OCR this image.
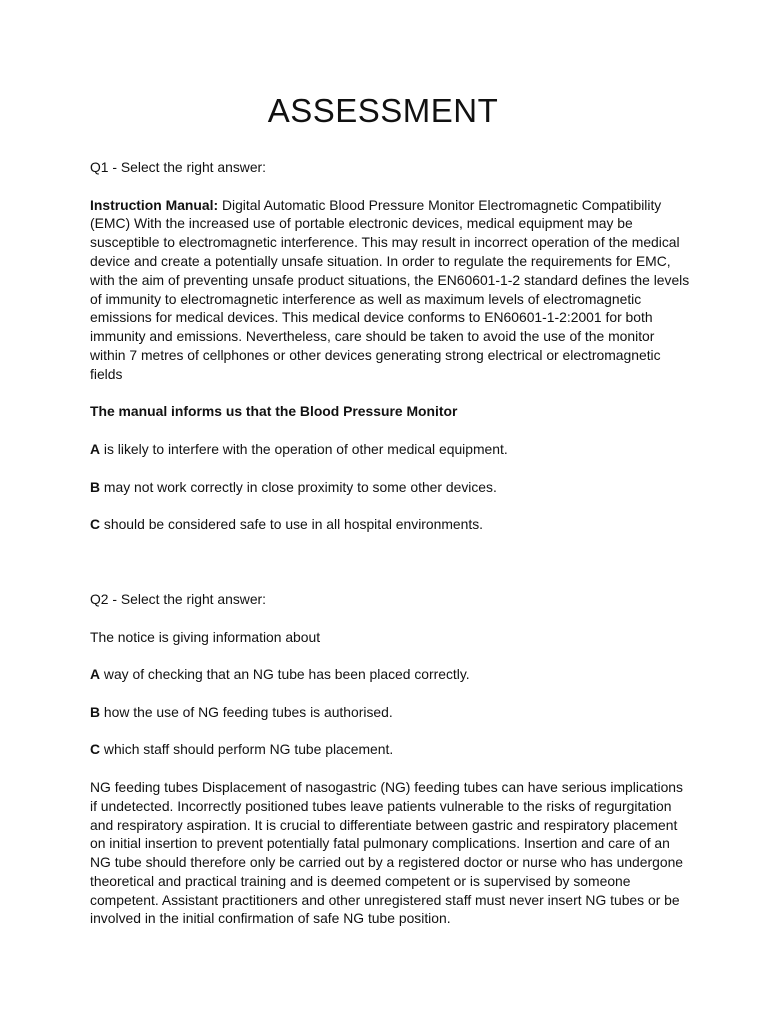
ASSESSMENT

Q1 - Select the right answer:

Instruction Manual: Digital Automatic Blood Pressure Monitor Electromagnetic Compatibility (EMC) With the increased use of portable electronic devices, medical equipment may be susceptible to electromagnetic interference. This may result in incorrect operation of the medical device and create a potentially unsafe situation. In order to regulate the requirements for EMC, with the aim of preventing unsafe product situations, the EN60601-1-2 standard defines the levels of immunity to electromagnetic interference as well as maximum levels of electromagnetic emissions for medical devices. This medical device conforms to EN60601-1-2:2001 for both immunity and emissions. Nevertheless, care should be taken to avoid the use of the monitor within 7 metres of cellphones or other devices generating strong electrical or electromagnetic fields

The manual informs us that the Blood Pressure Monitor

A is likely to interfere with the operation of other medical equipment.

B may not work correctly in close proximity to some other devices.

C should be considered safe to use in all hospital environments.

Q2 - Select the right answer:

The notice is giving information about

A way of checking that an NG tube has been placed correctly.

B how the use of NG feeding tubes is authorised.

C which staff should perform NG tube placement.

NG feeding tubes Displacement of nasogastric (NG) feeding tubes can have serious implications if undetected. Incorrectly positioned tubes leave patients vulnerable to the risks of regurgitation and respiratory aspiration. It is crucial to differentiate between gastric and respiratory placement on initial insertion to prevent potentially fatal pulmonary complications. Insertion and care of an NG tube should therefore only be carried out by a registered doctor or nurse who has undergone theoretical and practical training and is deemed competent or is supervised by someone competent. Assistant practitioners and other unregistered staff must never insert NG tubes or be involved in the initial confirmation of safe NG tube position.
